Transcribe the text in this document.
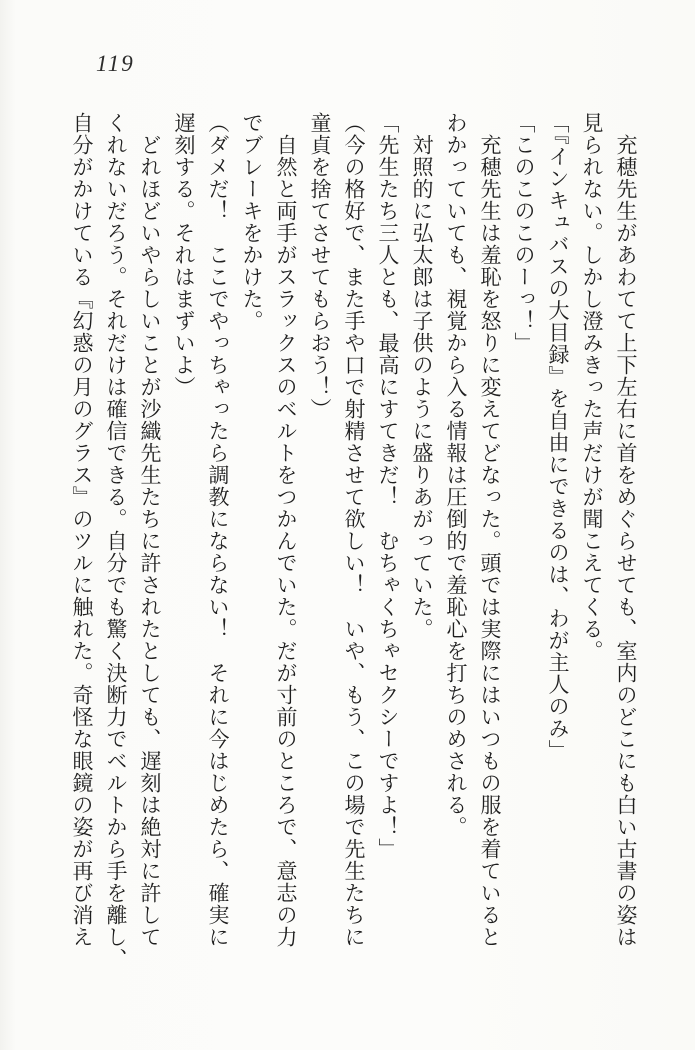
119

　充穂先生があわてて上下左右に首をめぐらせても、室内のどこにも白い古書の姿は

見られない。しかし澄みきった声だけが聞こえてくる。

「『インキュバスの大目録』を自由にできるのは、わが主人のみ」

「このこのこのーっ！」

　充穂先生は羞恥を怒りに変えてどなった。頭では実際にはいつもの服を着ていると

わかっていても、視覚から入る情報は圧倒的で羞恥心を打ちのめされる。

　対照的に弘太郎は子供のように盛りあがっていた。

「先生たち三人とも、最高にすてきだ！　むちゃくちゃセクシーですよ！」

（今の格好で、また手や口で射精させて欲しい！　いや、もう、この場で先生たちに

童貞を捨てさせてもらおう！）

　自然と両手がスラックスのベルトをつかんでいた。だが寸前のところで、意志の力

でブレーキをかけた。

（ダメだ！　ここでやっちゃったら調教にならない！　それに今はじめたら、確実に

遅刻する。それはまずいよ）

　どれほどいやらしいことが沙織先生たちに許されたとしても、遅刻は絶対に許して

くれないだろう。それだけは確信できる。自分でも驚く決断力でベルトから手を離し、

自分がかけている『幻惑の月のグラス』のツルに触れた。奇怪な眼鏡の姿が再び消え
